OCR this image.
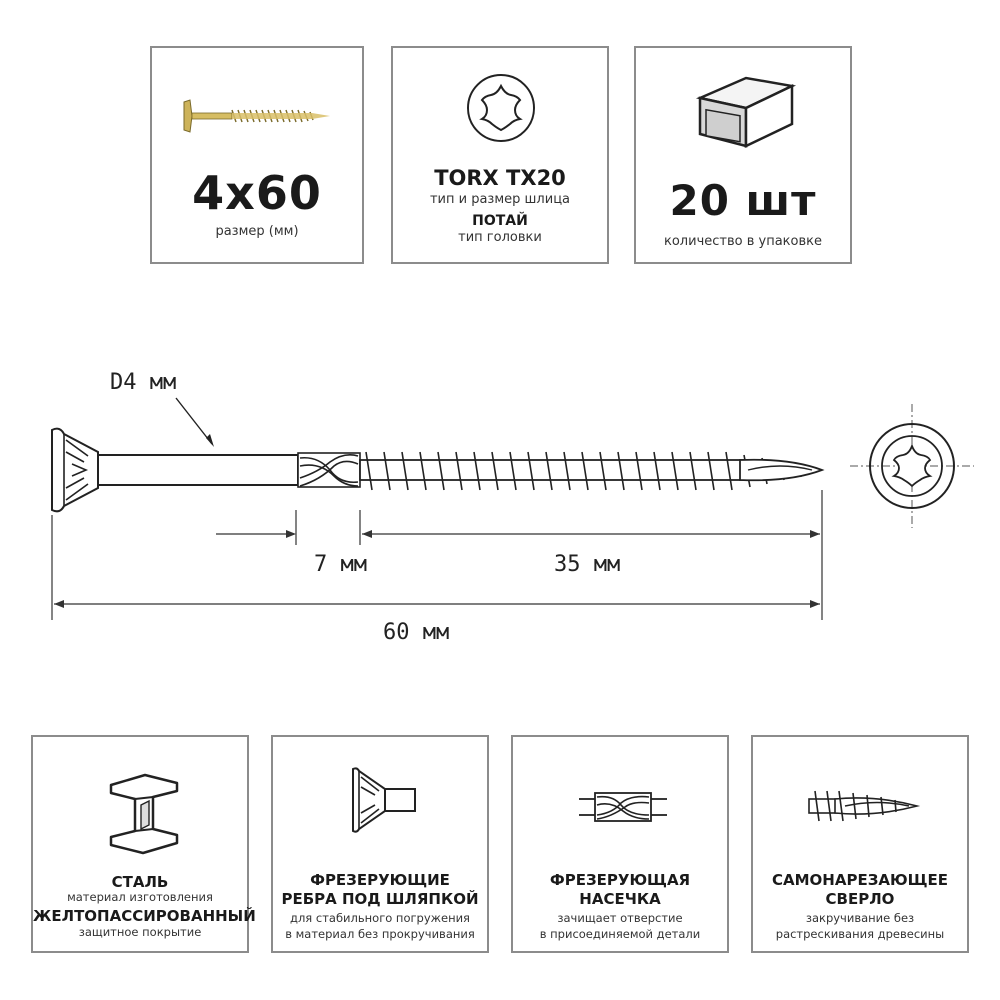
4x60
размер (мм)
TORX TX20
тип и размер шлица
ПОТАЙ
тип головки
20 шт
количество в упаковке
D4 мм
7 мм	35 мм
60 мм
СТАЛЬ
материал изготовления
ЖЕЛТОПАССИРОВАННЫЙ
защитное покрытие
ФРЕЗЕРУЮЩИЕ
РЕБРА ПОД ШЛЯПКОЙ
для стабильного погружения
в материал без прокручивания
ФРЕЗЕРУЮЩАЯ
НАСЕЧКА
зачищает отверстие
в присоединяемой детали
САМОНАРЕЗАЮЩЕЕ
СВЕРЛО
закручивание без
растрескивания древесины
